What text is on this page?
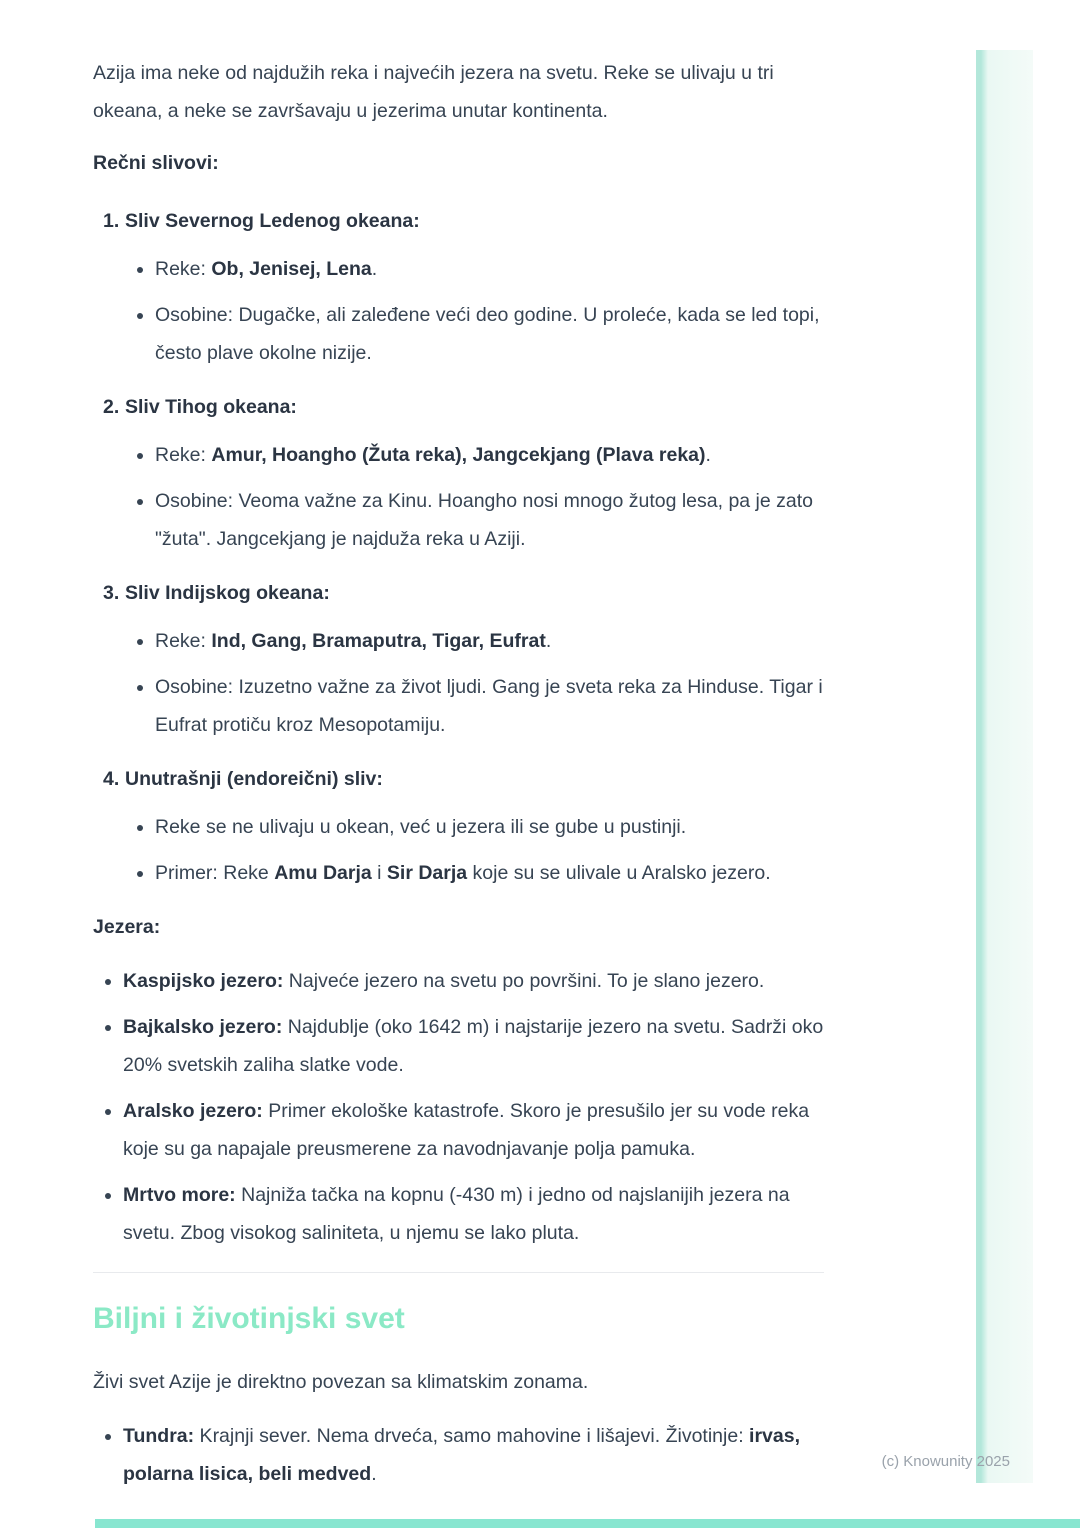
Azija ima neke od najdužih reka i najvećih jezera na svetu. Reke se ulivaju u tri okeana, a neke se završavaju u jezerima unutar kontinenta.

Rečni slivovi:

1. Sliv Severnog Ledenog okeana:
• Reke: Ob, Jenisej, Lena.
• Osobine: Dugačke, ali zaleđene veći deo godine. U proleće, kada se led topi, često plave okolne nizije.
2. Sliv Tihog okeana:
• Reke: Amur, Hoangho (Žuta reka), Jangcekjang (Plava reka).
• Osobine: Veoma važne za Kinu. Hoangho nosi mnogo žutog lesa, pa je zato "žuta". Jangcekjang je najduža reka u Aziji.
3. Sliv Indijskog okeana:
• Reke: Ind, Gang, Bramaputra, Tigar, Eufrat.
• Osobine: Izuzetno važne za život ljudi. Gang je sveta reka za Hinduse. Tigar i Eufrat protiču kroz Mesopotamiju.
4. Unutrašnji (endoreični) sliv:
• Reke se ne ulivaju u okean, već u jezera ili se gube u pustinji.
• Primer: Reke Amu Darja i Sir Darja koje su se ulivale u Aralsko jezero.

Jezera:

• Kaspijsko jezero: Najveće jezero na svetu po površini. To je slano jezero.
• Bajkalsko jezero: Najdublje (oko 1642 m) i najstarije jezero na svetu. Sadrži oko 20% svetskih zaliha slatke vode.
• Aralsko jezero: Primer ekološke katastrofe. Skoro je presušilo jer su vode reka koje su ga napajale preusmerene za navodnjavanje polja pamuka.
• Mrtvo more: Najniža tačka na kopnu (-430 m) i jedno od najslanijih jezera na svetu. Zbog visokog saliniteta, u njemu se lako pluta.
Biljni i životinjski svet

Živi svet Azije je direktno povezan sa klimatskim zonama.

• Tundra: Krajnji sever. Nema drveća, samo mahovine i lišajevi. Životinje: irvas, polarna lisica, beli medved.
(c) Knowunity 2025
